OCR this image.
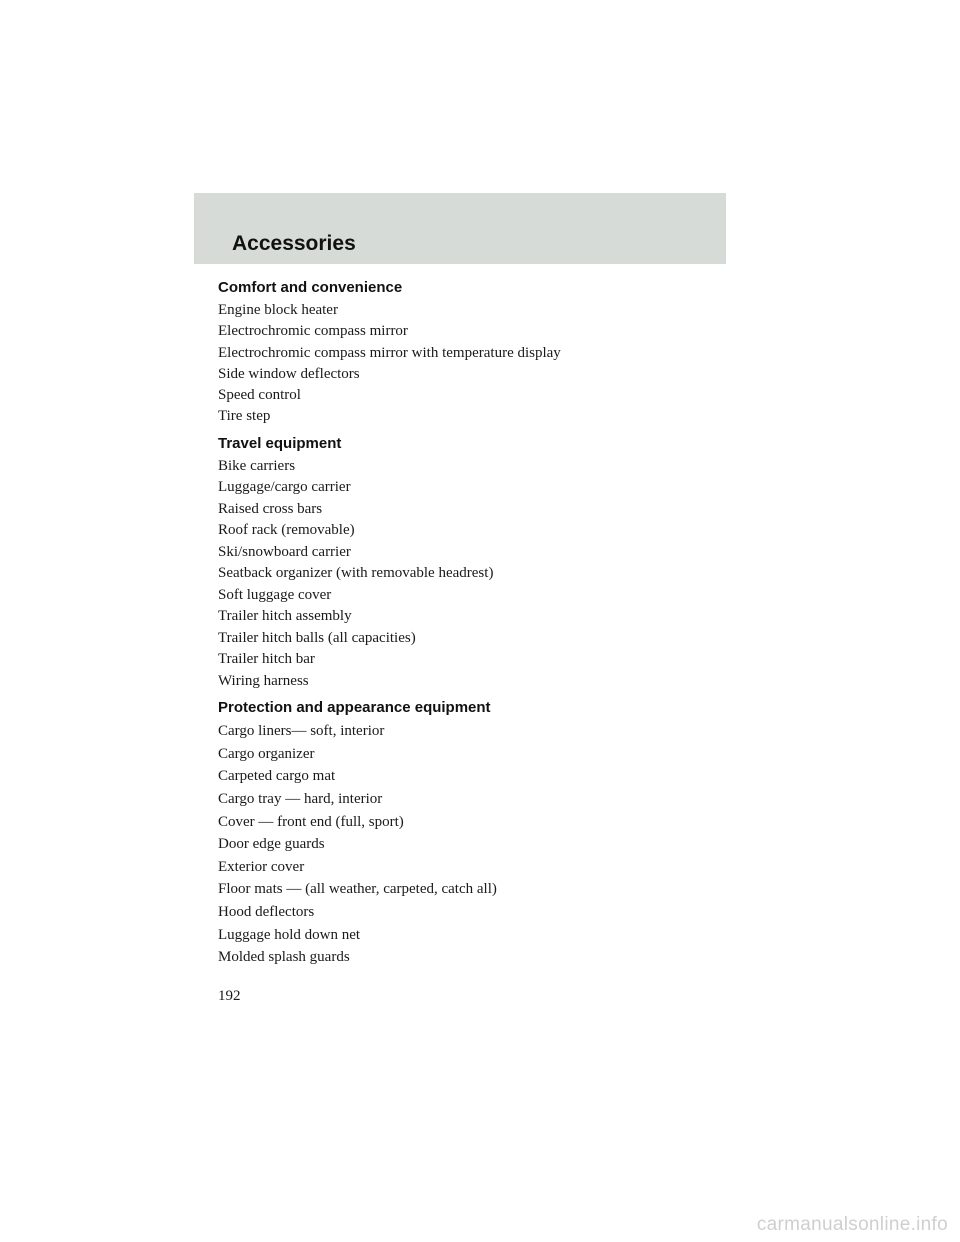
Accessories
Comfort and convenience
Engine block heater
Electrochromic compass mirror
Electrochromic compass mirror with temperature display
Side window deflectors
Speed control
Tire step
Travel equipment
Bike carriers
Luggage/cargo carrier
Raised cross bars
Roof rack (removable)
Ski/snowboard carrier
Seatback organizer (with removable headrest)
Soft luggage cover
Trailer hitch assembly
Trailer hitch balls (all capacities)
Trailer hitch bar
Wiring harness
Protection and appearance equipment
Cargo liners— soft, interior
Cargo organizer
Carpeted cargo mat
Cargo tray — hard, interior
Cover — front end (full, sport)
Door edge guards
Exterior cover
Floor mats — (all weather, carpeted, catch all)
Hood deflectors
Luggage hold down net
Molded splash guards

192

carmanualsonline.info
